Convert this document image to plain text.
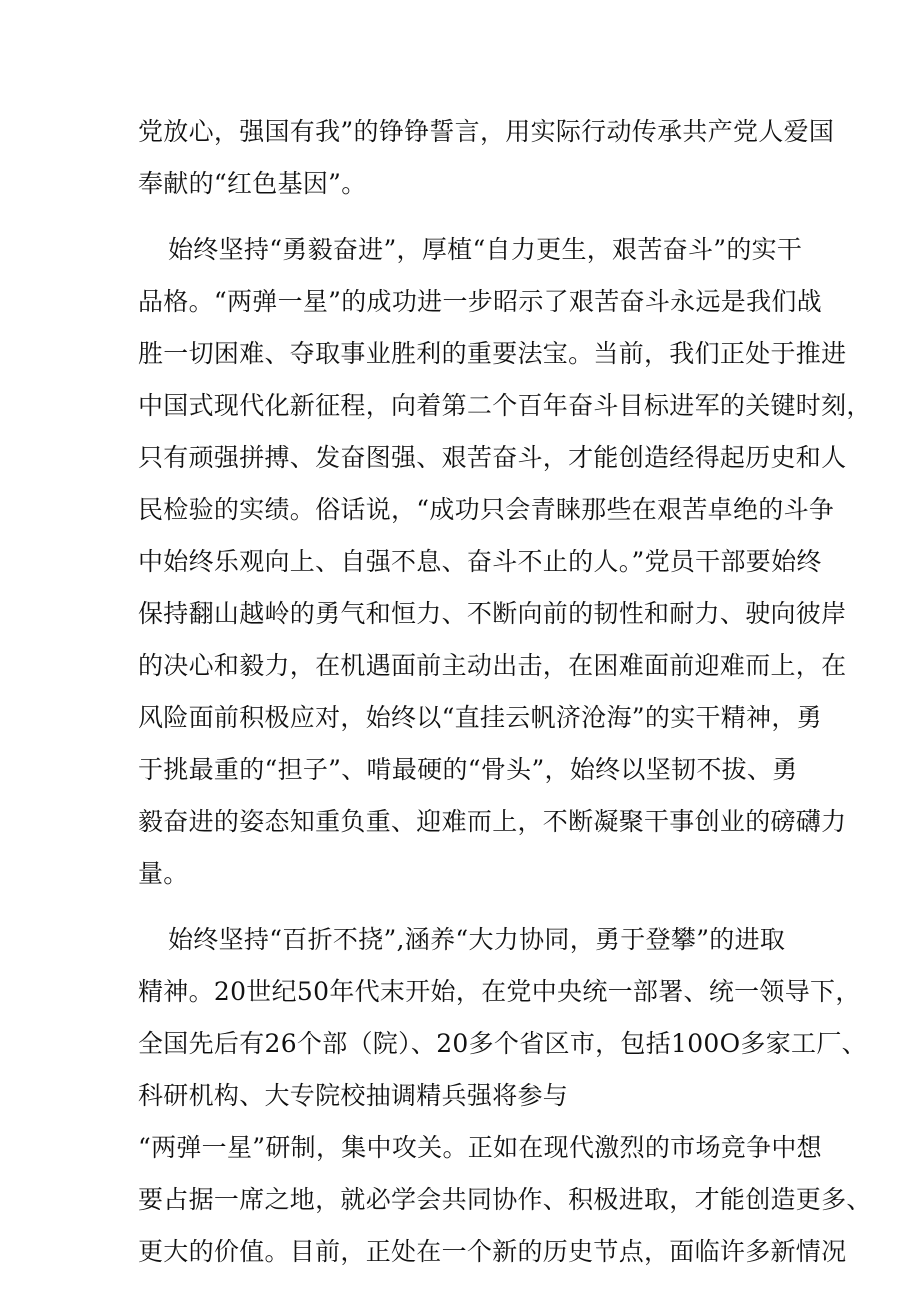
党放心，强国有我”的铮铮誓言，用实际行动传承共产党人爱国
奉献的“红色基因”。
始终坚持“勇毅奋进”，厚植“自力更生，艰苦奋斗”的实干
品格。“两弹一星”的成功进一步昭示了艰苦奋斗永远是我们战
胜一切困难、夺取事业胜利的重要法宝。当前，我们正处于推进
中国式现代化新征程，向着第二个百年奋斗目标进军的关键时刻，
只有顽强拼搏、发奋图强、艰苦奋斗，才能创造经得起历史和人
民检验的实绩。俗话说，“成功只会青睐那些在艰苦卓绝的斗争
中始终乐观向上、自强不息、奋斗不止的人。”党员干部要始终
保持翻山越岭的勇气和恒力、不断向前的韧性和耐力、驶向彼岸
的决心和毅力，在机遇面前主动出击，在困难面前迎难而上，在
风险面前积极应对，始终以“直挂云帆济沧海”的实干精神，勇
于挑最重的“担子”、啃最硬的“骨头”，始终以坚韧不拔、勇
毅奋进的姿态知重负重、迎难而上，不断凝聚干事创业的磅礴力
量。
始终坚持“百折不挠”,涵养“大力协同，勇于登攀”的进取
精神。20世纪50年代末开始，在党中央统一部署、统一领导下，
全国先后有26个部（院）、20多个省区市，包括100O多家工厂、
科研机构、大专院校抽调精兵强将参与
“两弹一星”研制，集中攻关。正如在现代激烈的市场竞争中想
要占据一席之地，就必学会共同协作、积极进取，才能创造更多、
更大的价值。目前，正处在一个新的历史节点，面临许多新情况
